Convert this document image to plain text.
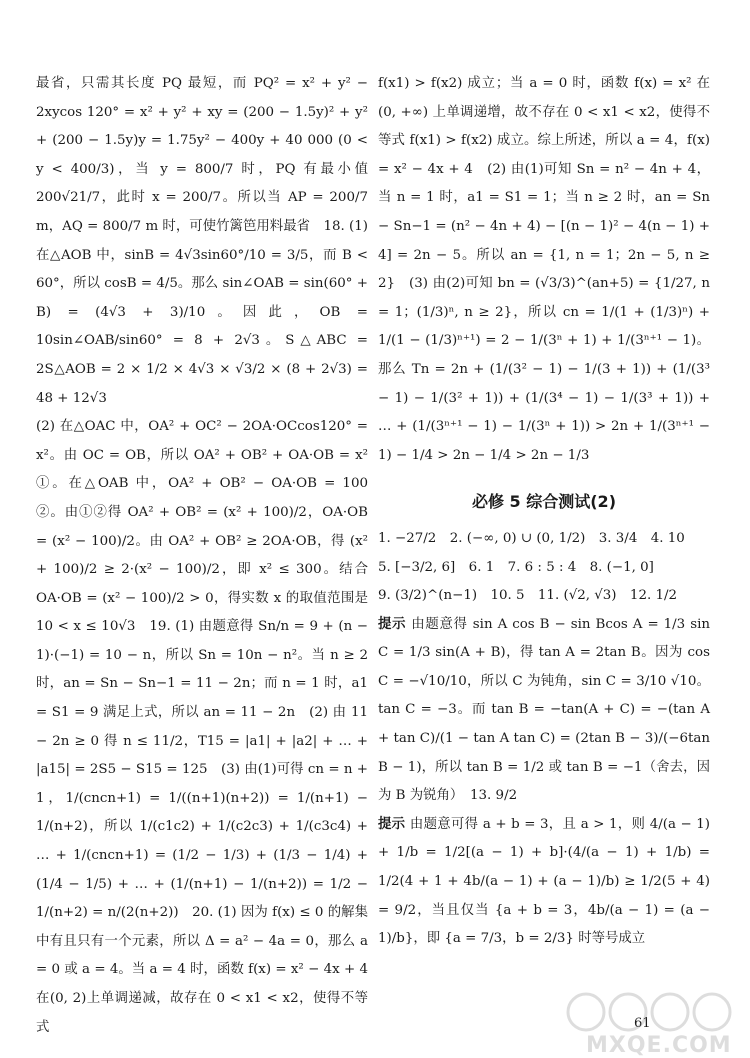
最省，只需其长度 PQ 最短，而 PQ² = x² + y² − 2xycos 120° = x² + y² + xy = (200 − 1.5y)² + y² + (200 − 1.5y)y = 1.75y² − 400y + 40 000 (0 < y < 400/3)，当 y = 800/7 时，PQ 有最小值 200√21/7，此时 x = 200/7。所以当 AP = 200/7 m，AQ = 800/7 m 时，可使竹篱笆用料最省　18. (1) 在△AOB 中，sinB = 4√3sin60°/10 = 3/5，而 B < 60°，所以 cosB = 4/5。那么 sin∠OAB = sin(60° + B) = (4√3 + 3)/10。因此，OB = 10sin∠OAB/sin60° = 8 + 2√3。S△ABC = 2S△AOB = 2 × 1/2 × 4√3 × √3/2 × (8 + 2√3) = 48 + 12√3

(2) 在△OAC 中，OA² + OC² − 2OA·OCcos120° = x²。由 OC = OB，所以 OA² + OB² + OA·OB = x²　①。在△OAB 中，OA² + OB² − OA·OB = 100　②。由①②得 OA² + OB² = (x² + 100)/2，OA·OB = (x² − 100)/2。由 OA² + OB² ≥ 2OA·OB，得 (x² + 100)/2 ≥ 2·(x² − 100)/2，即 x² ≤ 300。结合 OA·OB = (x² − 100)/2 > 0，得实数 x 的取值范围是 10 < x ≤ 10√3　19. (1) 由题意得 Sn/n = 9 + (n − 1)·(−1) = 10 − n，所以 Sn = 10n − n²。当 n ≥ 2 时，an = Sn − Sn−1 = 11 − 2n；而 n = 1 时，a1 = S1 = 9 满足上式，所以 an = 11 − 2n　(2) 由 11 − 2n ≥ 0 得 n ≤ 11/2，T15 = |a1| + |a2| + … + |a15| = 2S5 − S15 = 125　(3) 由(1)可得 cn = n + 1，1/(cncn+1) = 1/((n+1)(n+2)) = 1/(n+1) − 1/(n+2)，所以 1/(c1c2) + 1/(c2c3) + 1/(c3c4) + … + 1/(cncn+1) = (1/2 − 1/3) + (1/3 − 1/4) + (1/4 − 1/5) + … + (1/(n+1) − 1/(n+2)) = 1/2 − 1/(n+2) = n/(2(n+2))　20. (1) 因为 f(x) ≤ 0 的解集中有且只有一个元素，所以 Δ = a² − 4a = 0，那么 a = 0 或 a = 4。当 a = 4 时，函数 f(x) = x² − 4x + 4 在(0, 2)上单调递减，故存在 0 < x1 < x2，使得不等式

f(x1) > f(x2) 成立；当 a = 0 时，函数 f(x) = x² 在 (0, +∞) 上单调递增，故不存在 0 < x1 < x2，使得不等式 f(x1) > f(x2) 成立。综上所述，所以 a = 4，f(x) = x² − 4x + 4　(2) 由(1)可知 Sn = n² − 4n + 4，当 n = 1 时，a1 = S1 = 1；当 n ≥ 2 时，an = Sn − Sn−1 = (n² − 4n + 4) − [(n − 1)² − 4(n − 1) + 4] = 2n − 5。所以 an = {1, n = 1；2n − 5, n ≥ 2}　(3) 由(2)可知 bn = (√3/3)^(an+5) = {1/27, n = 1；(1/3)ⁿ, n ≥ 2}，所以 cn = 1/(1 + (1/3)ⁿ) + 1/(1 − (1/3)ⁿ⁺¹) = 2 − 1/(3ⁿ + 1) + 1/(3ⁿ⁺¹ − 1)。那么 Tn = 2n + (1/(3² − 1) − 1/(3 + 1)) + (1/(3³ − 1) − 1/(3² + 1)) + (1/(3⁴ − 1) − 1/(3³ + 1)) + … + (1/(3ⁿ⁺¹ − 1) − 1/(3ⁿ + 1)) > 2n + 1/(3ⁿ⁺¹ − 1) − 1/4 > 2n − 1/4 > 2n − 1/3

必修 5 综合测试(2)

1. −27/2　2. (−∞, 0) ∪ (0, 1/2)　3. 3/4　4. 10

5. [−3/2, 6]　6. 1　7. 6 : 5 : 4　8. (−1, 0]

9. (3/2)^(n−1)　10. 5　11. (√2, √3)　12. 1/2

提示 由题意得 sin A cos B − sin Bcos A = 1/3 sin C = 1/3 sin(A + B)，得 tan A = 2tan B。因为 cos C = −√10/10，所以 C 为钝角，sin C = 3/10 √10。tan C = −3。而 tan B = −tan(A + C) = −(tan A + tan C)/(1 − tan A tan C) = (2tan B − 3)/(−6tan B − 1)，所以 tan B = 1/2 或 tan B = −1（舍去，因为 B 为锐角）　13. 9/2

提示 由题意可得 a + b = 3，且 a > 1，则 4/(a − 1) + 1/b = 1/2[(a − 1) + b]·(4/(a − 1) + 1/b) = 1/2(4 + 1 + 4b/(a − 1) + (a − 1)/b) ≥ 1/2(5 + 4) = 9/2，当且仅当 {a + b = 3，4b/(a − 1) = (a − 1)/b}，即 {a = 7/3，b = 2/3} 时等号成立

61
MXQE.COM
